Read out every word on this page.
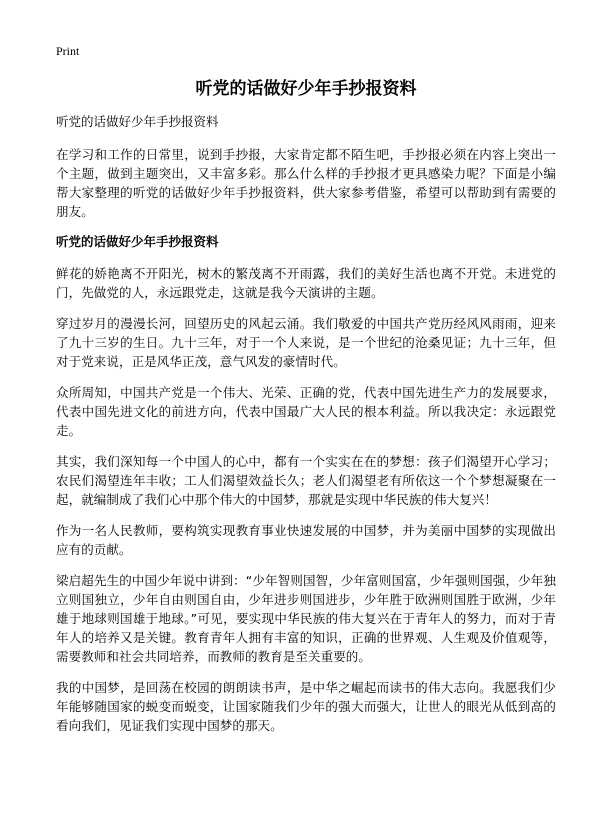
Print
听党的话做好少年手抄报资料
听党的话做好少年手抄报资料
在学习和工作的日常里，说到手抄报，大家肯定都不陌生吧，手抄报必须在内容上突出一个主题，做到主题突出，又丰富多彩。那么什么样的手抄报才更具感染力呢？下面是小编帮大家整理的听党的话做好少年手抄报资料，供大家参考借鉴，希望可以帮助到有需要的朋友。
听党的话做好少年手抄报资料
鲜花的娇艳离不开阳光，树木的繁茂离不开雨露，我们的美好生活也离不开党。未进党的门，先做党的人，永远跟党走，这就是我今天演讲的主题。
穿过岁月的漫漫长河，回望历史的风起云涌。我们敬爱的中国共产党历经风风雨雨，迎来了九十三岁的生日。九十三年，对于一个人来说，是一个世纪的沧桑见证；九十三年，但对于党来说，正是风华正茂，意气风发的豪情时代。
众所周知，中国共产党是一个伟大、光荣、正确的党，代表中国先进生产力的发展要求，代表中国先进文化的前进方向，代表中国最广大人民的根本利益。所以我决定：永远跟党走。
其实，我们深知每一个中国人的心中，都有一个实实在在的梦想：孩子们渴望开心学习；农民们渴望连年丰收；工人们渴望效益长久；老人们渴望老有所依这一个个梦想凝聚在一起，就编制成了我们心中那个伟大的中国梦，那就是实现中华民族的伟大复兴！
作为一名人民教师，要构筑实现教育事业快速发展的中国梦，并为美丽中国梦的实现做出应有的贡献。
梁启超先生的中国少年说中讲到：“少年智则国智，少年富则国富，少年强则国强，少年独立则国独立，少年自由则国自由，少年进步则国进步，少年胜于欧洲则国胜于欧洲，少年雄于地球则国雄于地球。”可见，要实现中华民族的伟大复兴在于青年人的努力，而对于青年人的培养又是关键。教育青年人拥有丰富的知识，正确的世界观、人生观及价值观等，需要教师和社会共同培养，而教师的教育是至关重要的。
我的中国梦，是回荡在校园的朗朗读书声，是中华之崛起而读书的伟大志向。我愿我们少年能够随国家的蜕变而蜕变，让国家随我们少年的强大而强大，让世人的眼光从低到高的看向我们，见证我们实现中国梦的那天。
